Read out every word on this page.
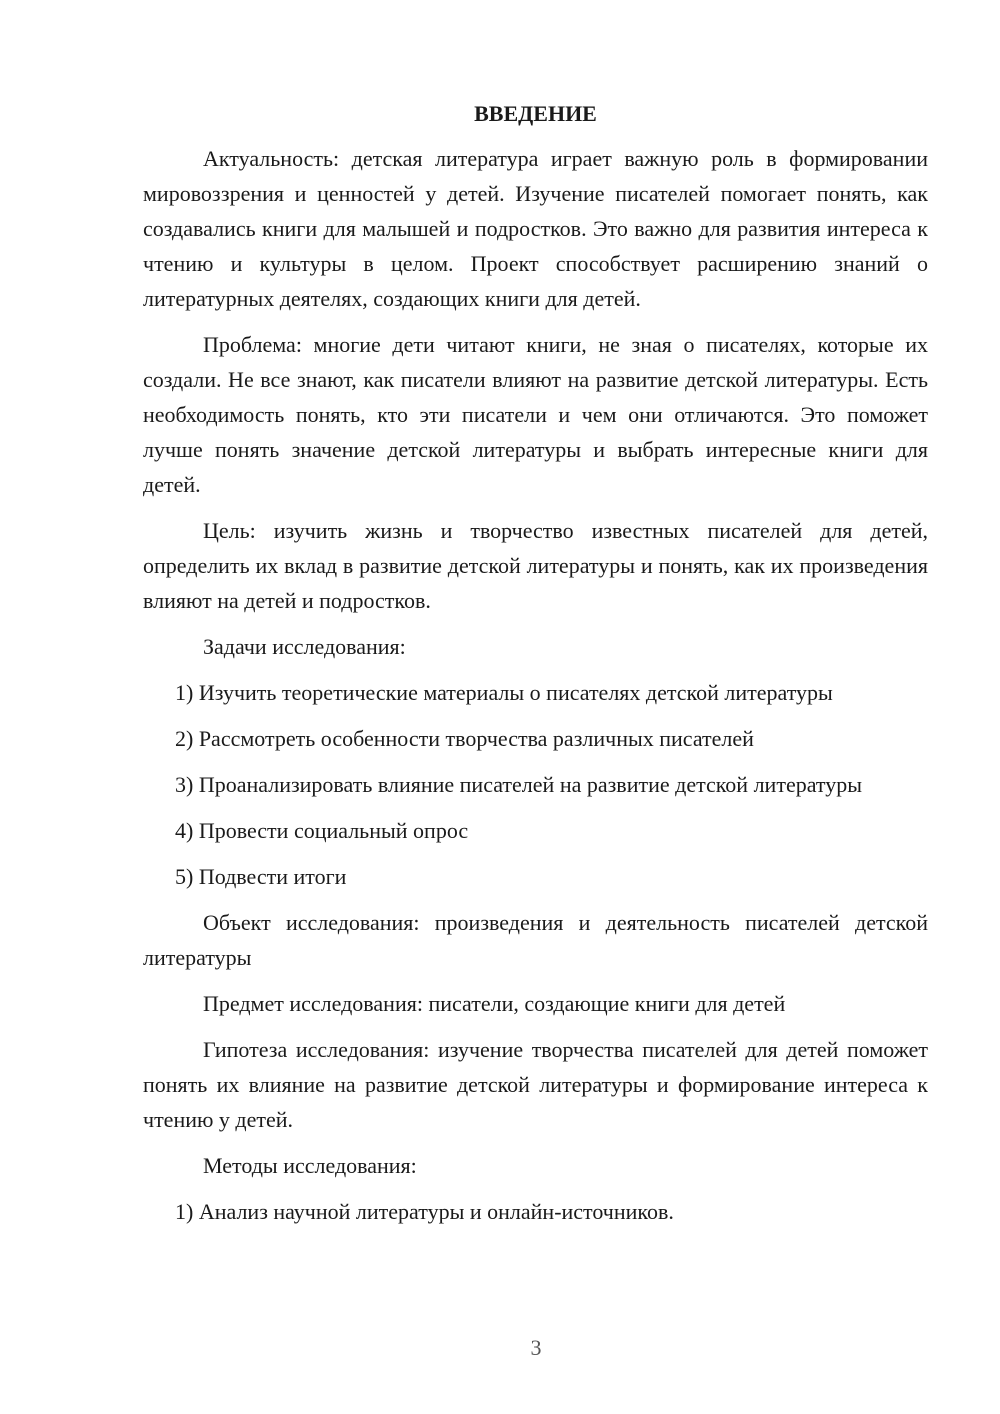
ВВЕДЕНИЕ

Актуальность: детская литература играет важную роль в формировании мировоззрения и ценностей у детей. Изучение писателей помогает понять, как создавались книги для малышей и подростков. Это важно для развития интереса к чтению и культуры в целом. Проект способствует расширению знаний о литературных деятелях, создающих книги для детей.

Проблема: многие дети читают книги, не зная о писателях, которые их создали. Не все знают, как писатели влияют на развитие детской литературы. Есть необходимость понять, кто эти писатели и чем они отличаются. Это поможет лучше понять значение детской литературы и выбрать интересные книги для детей.

Цель: изучить жизнь и творчество известных писателей для детей, определить их вклад в развитие детской литературы и понять, как их произведения влияют на детей и подростков.

Задачи исследования:

1) Изучить теоретические материалы о писателях детской литературы

2) Рассмотреть особенности творчества различных писателей

3) Проанализировать влияние писателей на развитие детской литературы

4) Провести социальный опрос

5) Подвести итоги

Объект исследования: произведения и деятельность писателей детской литературы

Предмет исследования: писатели, создающие книги для детей

Гипотеза исследования: изучение творчества писателей для детей поможет понять их влияние на развитие детской литературы и формирование интереса к чтению у детей.

Методы исследования:

1) Анализ научной литературы и онлайн-источников.

3
